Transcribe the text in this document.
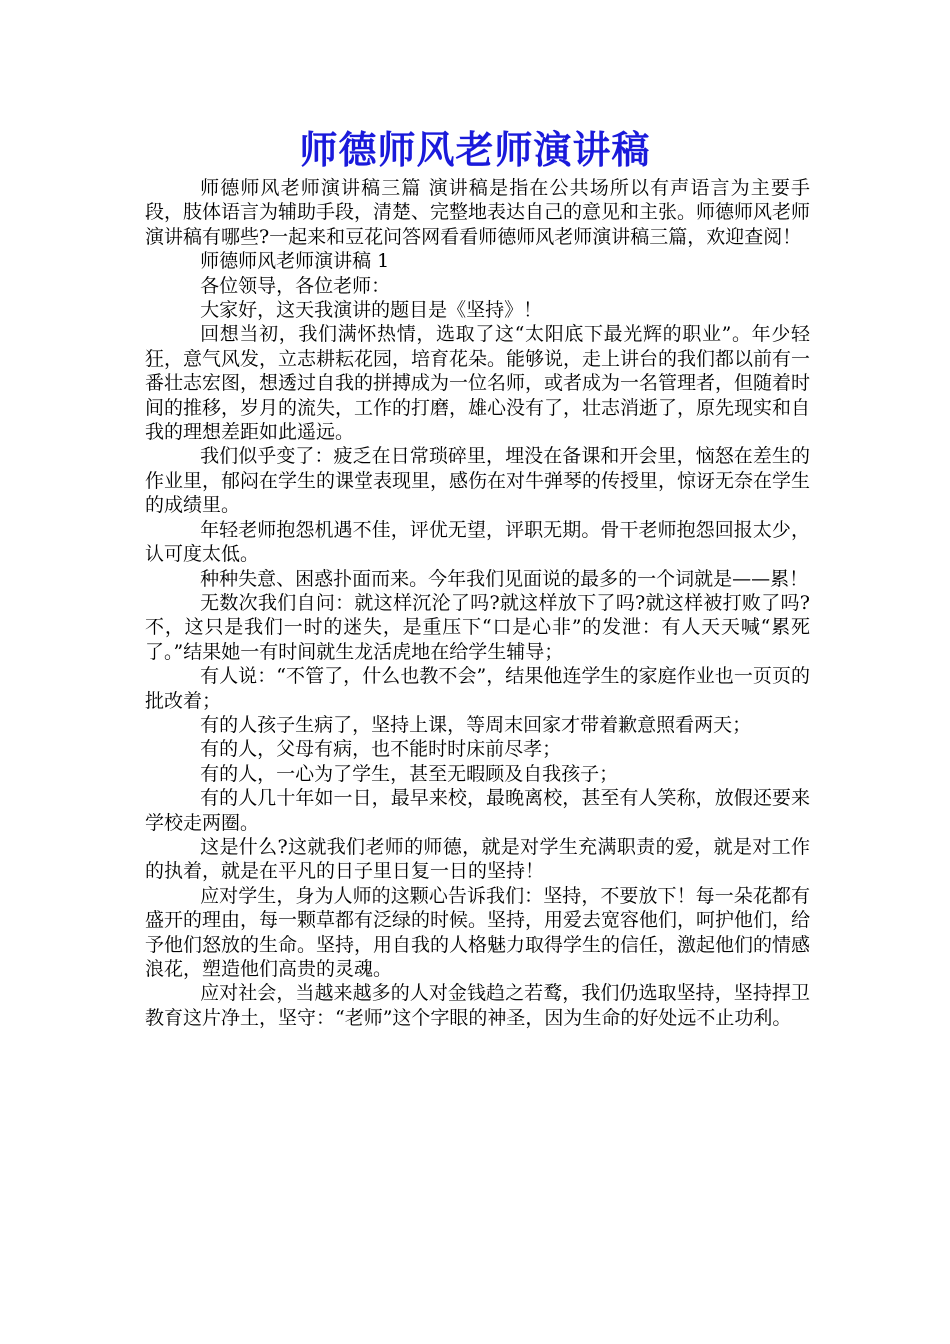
师德师风老师演讲稿

师德师风老师演讲稿三篇 演讲稿是指在公共场所以有声语言为主要手段，肢体语言为辅助手段，清楚、完整地表达自己的意见和主张。师德师风老师演讲稿有哪些?一起来和豆花问答网看看师德师风老师演讲稿三篇，欢迎查阅！

师德师风老师演讲稿 1

各位领导，各位老师：

大家好，这天我演讲的题目是《坚持》！

回想当初，我们满怀热情，选取了这“太阳底下最光辉的职业”。年少轻狂，意气风发，立志耕耘花园，培育花朵。能够说，走上讲台的我们都以前有一番壮志宏图，想透过自我的拼搏成为一位名师，或者成为一名管理者，但随着时间的推移，岁月的流失，工作的打磨，雄心没有了，壮志消逝了，原先现实和自我的理想差距如此遥远。

我们似乎变了：疲乏在日常琐碎里，埋没在备课和开会里，恼怒在差生的作业里，郁闷在学生的课堂表现里，感伤在对牛弹琴的传授里，惊讶无奈在学生的成绩里。

年轻老师抱怨机遇不佳，评优无望，评职无期。骨干老师抱怨回报太少，认可度太低。

种种失意、困惑扑面而来。今年我们见面说的最多的一个词就是——累！

无数次我们自问：就这样沉沦了吗?就这样放下了吗?就这样被打败了吗?不，这只是我们一时的迷失，是重压下“口是心非”的发泄：有人天天喊“累死了。”结果她一有时间就生龙活虎地在给学生辅导；

有人说：“不管了，什么也教不会”，结果他连学生的家庭作业也一页页的批改着；

有的人孩子生病了，坚持上课，等周末回家才带着歉意照看两天；

有的人，父母有病，也不能时时床前尽孝；

有的人，一心为了学生，甚至无暇顾及自我孩子；

有的人几十年如一日，最早来校，最晚离校，甚至有人笑称，放假还要来学校走两圈。

这是什么?这就我们老师的师德，就是对学生充满职责的爱，就是对工作的执着，就是在平凡的日子里日复一日的坚持！

应对学生，身为人师的这颗心告诉我们：坚持，不要放下！每一朵花都有盛开的理由，每一颗草都有泛绿的时候。坚持，用爱去宽容他们，呵护他们，给予他们怒放的生命。坚持，用自我的人格魅力取得学生的信任，激起他们的情感浪花，塑造他们高贵的灵魂。

应对社会，当越来越多的人对金钱趋之若鹜，我们仍选取坚持，坚持捍卫教育这片净土，坚守：“老师”这个字眼的神圣，因为生命的好处远不止功利。
